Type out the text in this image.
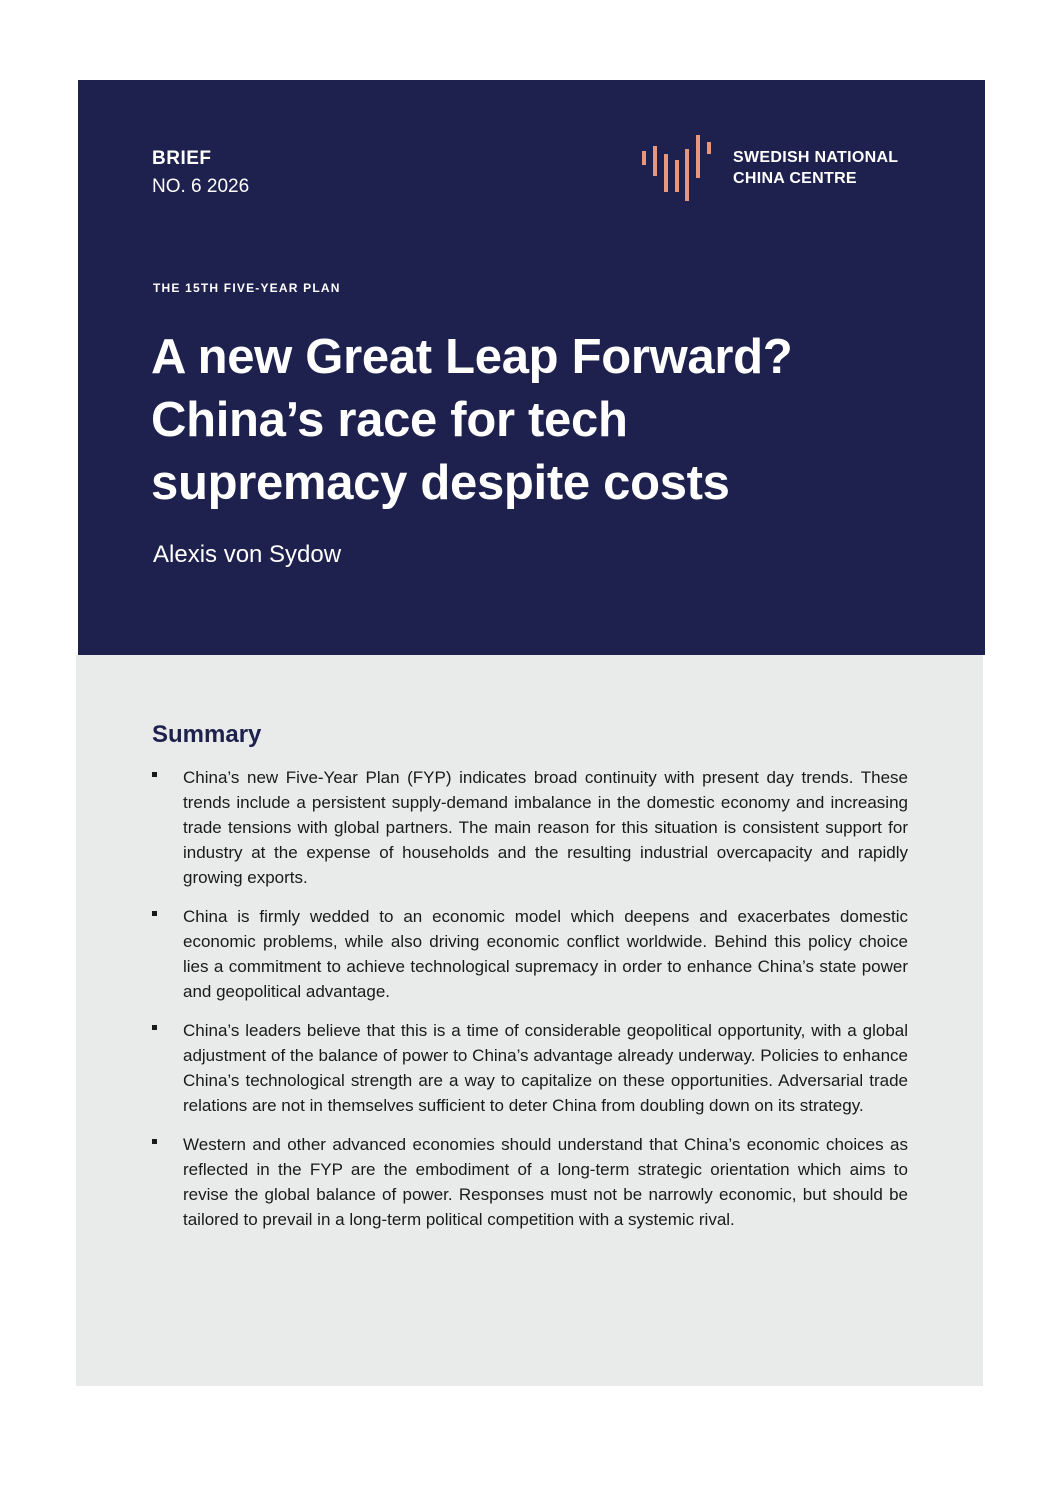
BRIEF
NO. 6 2026
SWEDISH NATIONAL
CHINA CENTRE
THE 15TH FIVE-YEAR PLAN
A new Great Leap Forward?
China’s race for tech
supremacy despite costs
Alexis von Sydow
Summary
China’s new Five-Year Plan (FYP) indicates broad continuity with present day trends. These trends include a persistent supply-demand imbalance in the domestic economy and increasing trade tensions with global partners. The main reason for this situation is consistent support for industry at the expense of households and the resulting industrial overcapacity and rapidly growing exports.
China is firmly wedded to an economic model which deepens and exacerbates domestic economic problems, while also driving economic conflict worldwide. Behind this policy choice lies a commitment to achieve technological supremacy in order to enhance China’s state power and geopolitical advantage.
China’s leaders believe that this is a time of considerable geopolitical opportunity, with a global adjustment of the balance of power to China’s advantage already underway. Policies to enhance China’s technological strength are a way to capitalize on these opportunities. Adversarial trade relations are not in themselves sufficient to deter China from doubling down on its strategy.
Western and other advanced economies should understand that China’s economic choices as reflected in the FYP are the embodiment of a long-term strategic orientation which aims to revise the global balance of power. Responses must not be narrowly economic, but should be tailored to prevail in a long-term political competition with a systemic rival.
